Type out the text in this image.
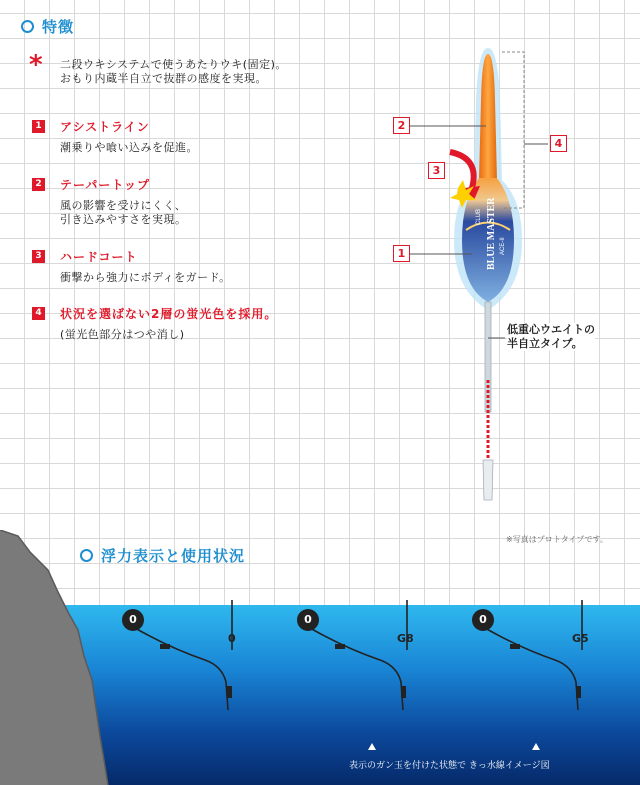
特徴
* 二段ウキシステムで使うあたりウキ(固定)。
おもり内蔵半自立で抜群の感度を実現。
1 アシストライン
潮乗りや喰い込みを促進。
2 テーパートップ
風の影響を受けにくく、
引き込みやすさを実現。
3 ハードコート
衝撃から強力にボディをガード。
4 状況を選ばない2層の蛍光色を採用。
(蛍光色部分はつや消し)
BLUE MASTER
CLUB
ACE-II
2
3
1
4
低重心ウエイトの
半自立タイプ。
※写真はプロトタイプです。
浮力表示と使用状況
0
0
0
G8
0
G5
表示のガン玉を付けた状態で きっ水線イメージ図
